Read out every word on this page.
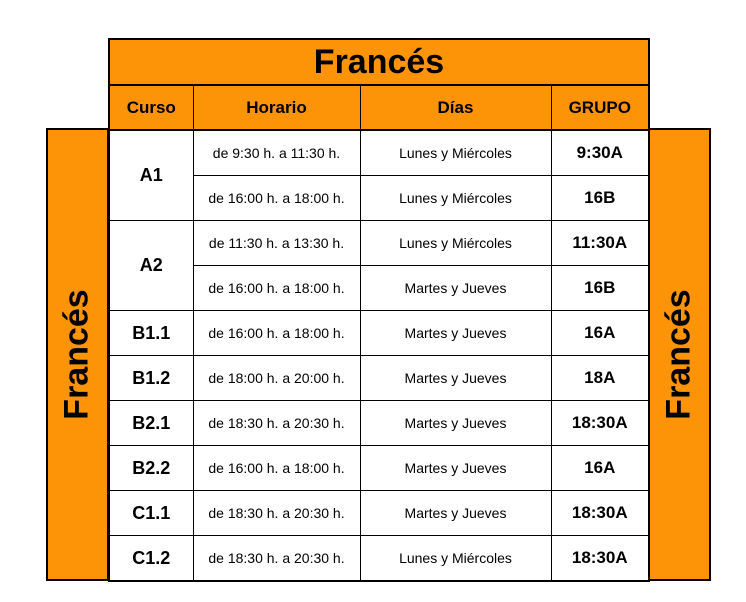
Francés
Francés	Francés
Curso	Horario	Días	GRUPO
A1	de 9:30 h. a 11:30 h.	Lunes y Miércoles	9:30A
	de 16:00 h. a 18:00 h.	Lunes y Miércoles	16B
A2	de 11:30 h. a 13:30 h.	Lunes y Miércoles	11:30A
	de 16:00 h. a 18:00 h.	Martes y Jueves	16B
B1.1	de 16:00 h. a 18:00 h.	Martes y Jueves	16A
B1.2	de 18:00 h. a 20:00 h.	Martes y Jueves	18A
B2.1	de 18:30 h. a 20:30 h.	Martes y Jueves	18:30A
B2.2	de 16:00 h. a 18:00 h.	Martes y Jueves	16A
C1.1	de 18:30 h. a 20:30 h.	Martes y Jueves	18:30A
C1.2	de 18:30 h. a 20:30 h.	Lunes y Miércoles	18:30A
